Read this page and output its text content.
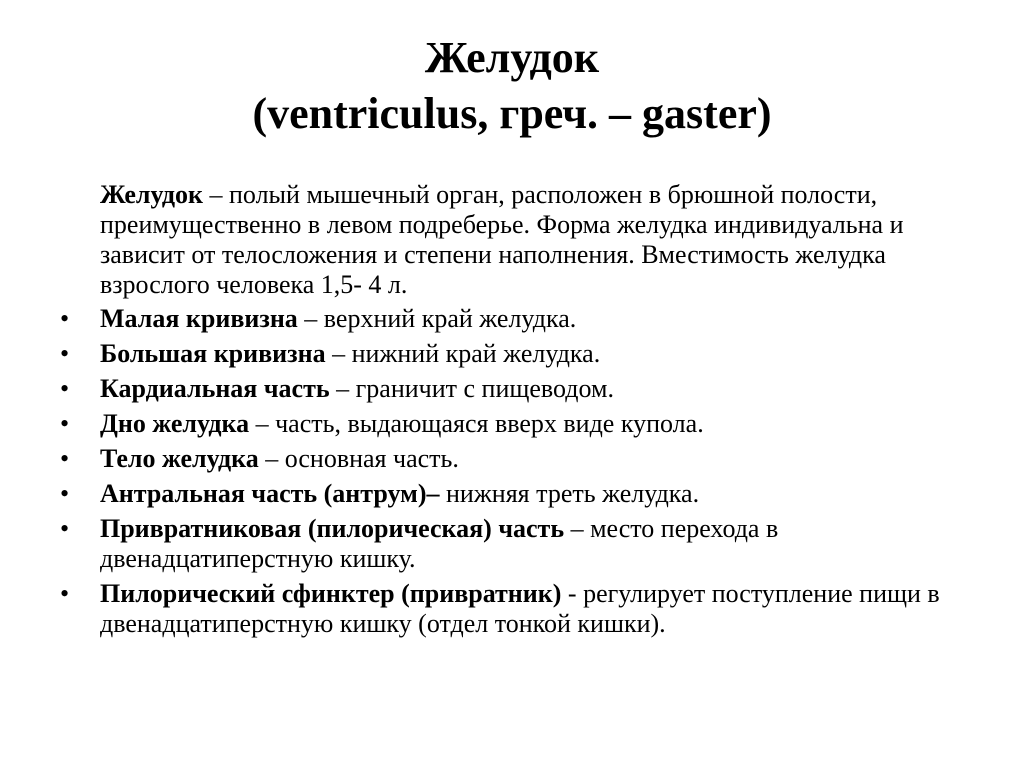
Желудок
(ventriculus, греч. – gaster)

Желудок – полый мышечный орган, расположен в брюшной полости, преимущественно в левом подреберье. Форма желудка индивидуальна и зависит от телосложения и степени наполнения. Вместимость желудка взрослого человека 1,5- 4 л.

• Малая кривизна – верхний край желудка.
• Большая кривизна – нижний край желудка.
• Кардиальная часть – граничит с пищеводом.
• Дно желудка – часть, выдающаяся вверх виде купола.
• Тело желудка – основная часть.
• Антральная часть (антрум)– нижняя треть желудка.
• Привратниковая (пилорическая) часть – место перехода в двенадцатиперстную кишку.
• Пилорический сфинктер (привратник) - регулирует поступление пищи в двенадцатиперстную кишку (отдел тонкой кишки).
